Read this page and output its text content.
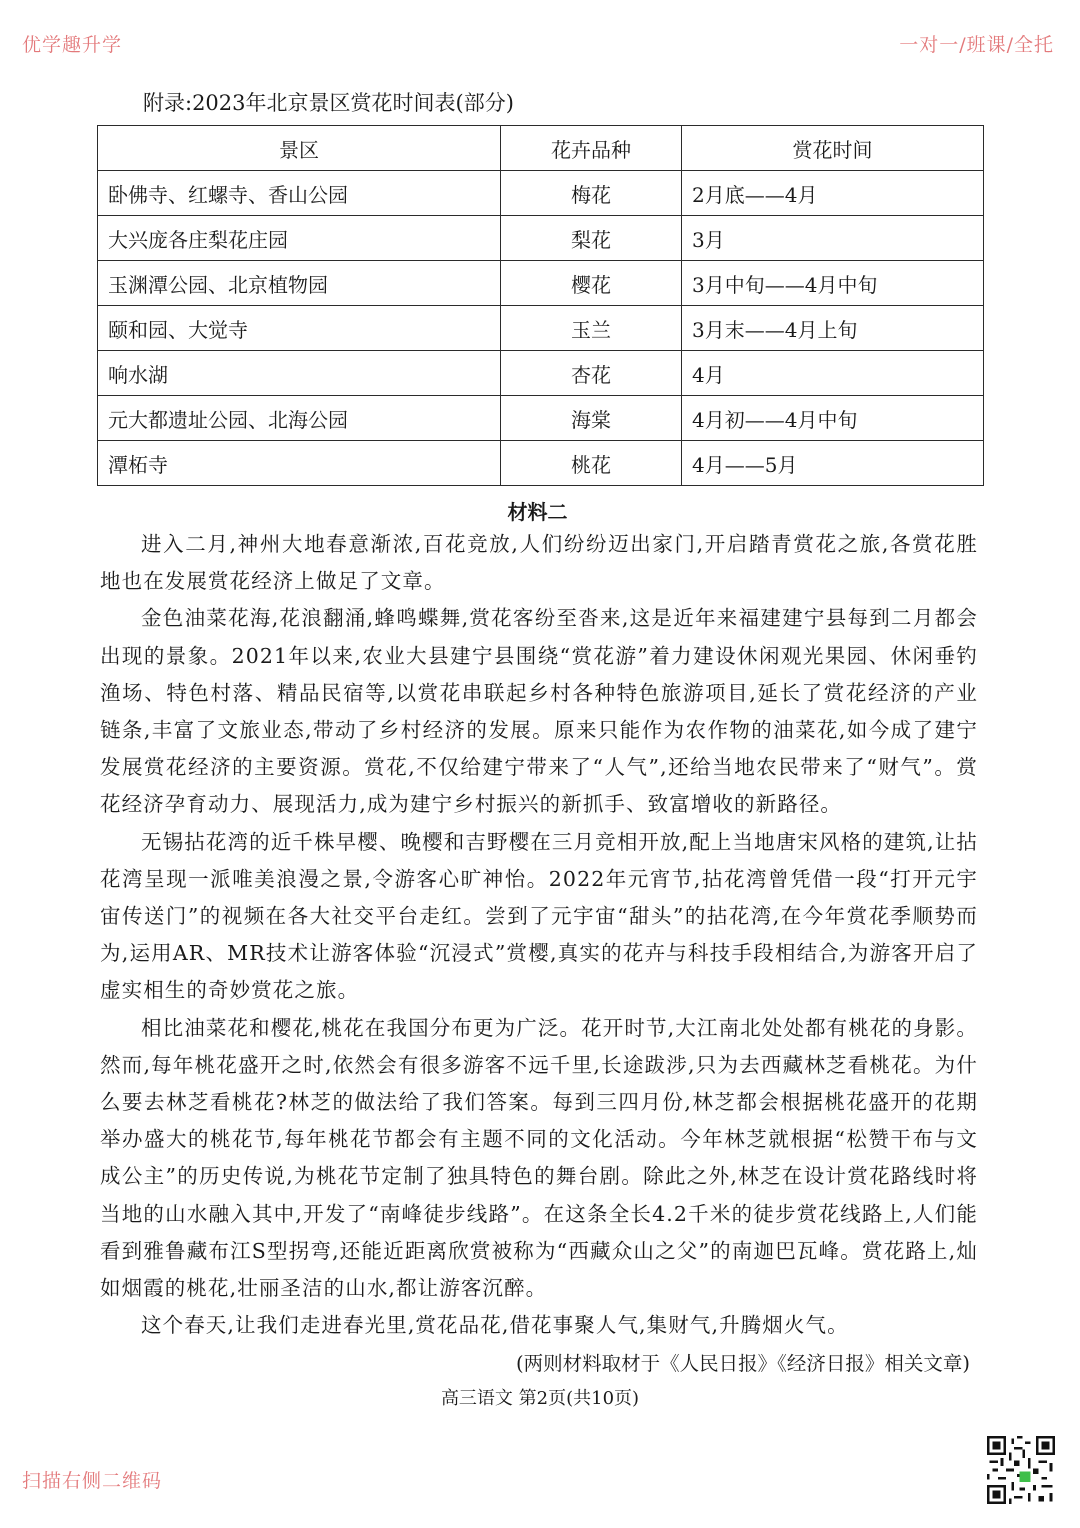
优学趣升学	一对一/班课/全托
附录:2023年北京景区赏花时间表(部分)
景区	花卉品种	赏花时间
卧佛寺、红螺寺、香山公园	梅花	2月底——4月
大兴庞各庄梨花庄园	梨花	3月
玉渊潭公园、北京植物园	樱花	3月中旬——4月中旬
颐和园、大觉寺	玉兰	3月末——4月上旬
响水湖	杏花	4月
元大都遗址公园、北海公园	海棠	4月初——4月中旬
潭柘寺	桃花	4月——5月
材料二

进入二月,神州大地春意渐浓,百花竞放,人们纷纷迈出家门,开启踏青赏花之旅,各赏花胜地也在发展赏花经济上做足了文章。

金色油菜花海,花浪翻涌,蜂鸣蝶舞,赏花客纷至沓来,这是近年来福建建宁县每到二月都会出现的景象。2021年以来,农业大县建宁县围绕“赏花游”着力建设休闲观光果园、休闲垂钓渔场、特色村落、精品民宿等,以赏花串联起乡村各种特色旅游项目,延长了赏花经济的产业链条,丰富了文旅业态,带动了乡村经济的发展。原来只能作为农作物的油菜花,如今成了建宁发展赏花经济的主要资源。赏花,不仅给建宁带来了“人气”,还给当地农民带来了“财气”。赏花经济孕育动力、展现活力,成为建宁乡村振兴的新抓手、致富增收的新路径。

无锡拈花湾的近千株早樱、晚樱和吉野樱在三月竞相开放,配上当地唐宋风格的建筑,让拈花湾呈现一派唯美浪漫之景,令游客心旷神怡。2022年元宵节,拈花湾曾凭借一段“打开元宇宙传送门”的视频在各大社交平台走红。尝到了元宇宙“甜头”的拈花湾,在今年赏花季顺势而为,运用AR、MR技术让游客体验“沉浸式”赏樱,真实的花卉与科技手段相结合,为游客开启了虚实相生的奇妙赏花之旅。

相比油菜花和樱花,桃花在我国分布更为广泛。花开时节,大江南北处处都有桃花的身影。然而,每年桃花盛开之时,依然会有很多游客不远千里,长途跋涉,只为去西藏林芝看桃花。为什么要去林芝看桃花?林芝的做法给了我们答案。每到三四月份,林芝都会根据桃花盛开的花期举办盛大的桃花节,每年桃花节都会有主题不同的文化活动。今年林芝就根据“松赞干布与文成公主”的历史传说,为桃花节定制了独具特色的舞台剧。除此之外,林芝在设计赏花路线时将当地的山水融入其中,开发了“南峰徒步线路”。在这条全长4.2千米的徒步赏花线路上,人们能看到雅鲁藏布江S型拐弯,还能近距离欣赏被称为“西藏众山之父”的南迦巴瓦峰。赏花路上,灿如烟霞的桃花,壮丽圣洁的山水,都让游客沉醉。

这个春天,让我们走进春光里,赏花品花,借花事聚人气,集财气,升腾烟火气。

(两则材料取材于《人民日报》《经济日报》相关文章)
高三语文 第2页(共10页)
扫描右侧二维码
